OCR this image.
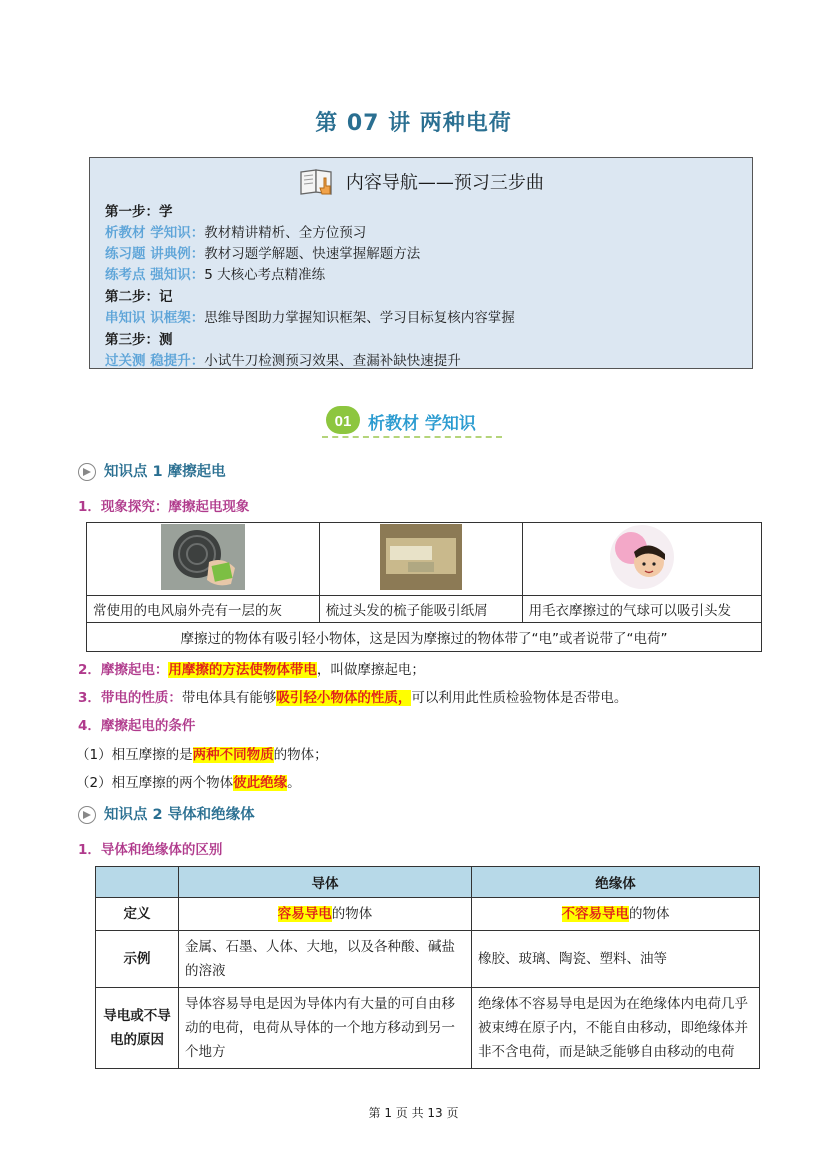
第 07 讲 两种电荷
内容导航——预习三步曲
第一步：学
析教材 学知识：教材精讲精析、全方位预习
练习题 讲典例：教材习题学解题、快速掌握解题方法
练考点 强知识：5 大核心考点精准练
第二步：记
串知识 识框架：思维导图助力掌握知识框架、学习目标复核内容掌握
第三步：测
过关测 稳提升：小试牛刀检测预习效果、查漏补缺快速提升
01 析教材 学知识
知识点 1 摩擦起电
1．现象探究：摩擦起电现象

常使用的电风扇外壳有一层的灰	梳过头发的梳子能吸引纸屑	用毛衣摩擦过的气球可以吸引头发
摩擦过的物体有吸引轻小物体，这是因为摩擦过的物体带了“电”或者说带了“电荷”		
2．摩擦起电：用摩擦的方法使物体带电，叫做摩擦起电；
3．带电的性质：带电体具有能够吸引轻小物体的性质，可以利用此性质检验物体是否带电。
4．摩擦起电的条件
（1）相互摩擦的是两种不同物质的物体；
（2）相互摩擦的两个物体彼此绝缘。
知识点 2 导体和绝缘体
1．导体和绝缘体的区别
	导体	绝缘体
定义	容易导电的物体	不容易导电的物体
示例	金属、石墨、人体、大地，以及各种酸、碱盐的溶液	橡胶、玻璃、陶瓷、塑料、油等
导电或不导电的原因	导体容易导电是因为导体内有大量的可自由移动的电荷，电荷从导体的一个地方移动到另一个地方	绝缘体不容易导电是因为在绝缘体内电荷几乎被束缚在原子内，不能自由移动，即绝缘体并非不含电荷，而是缺乏能够自由移动的电荷
第 1 页 共 13 页
